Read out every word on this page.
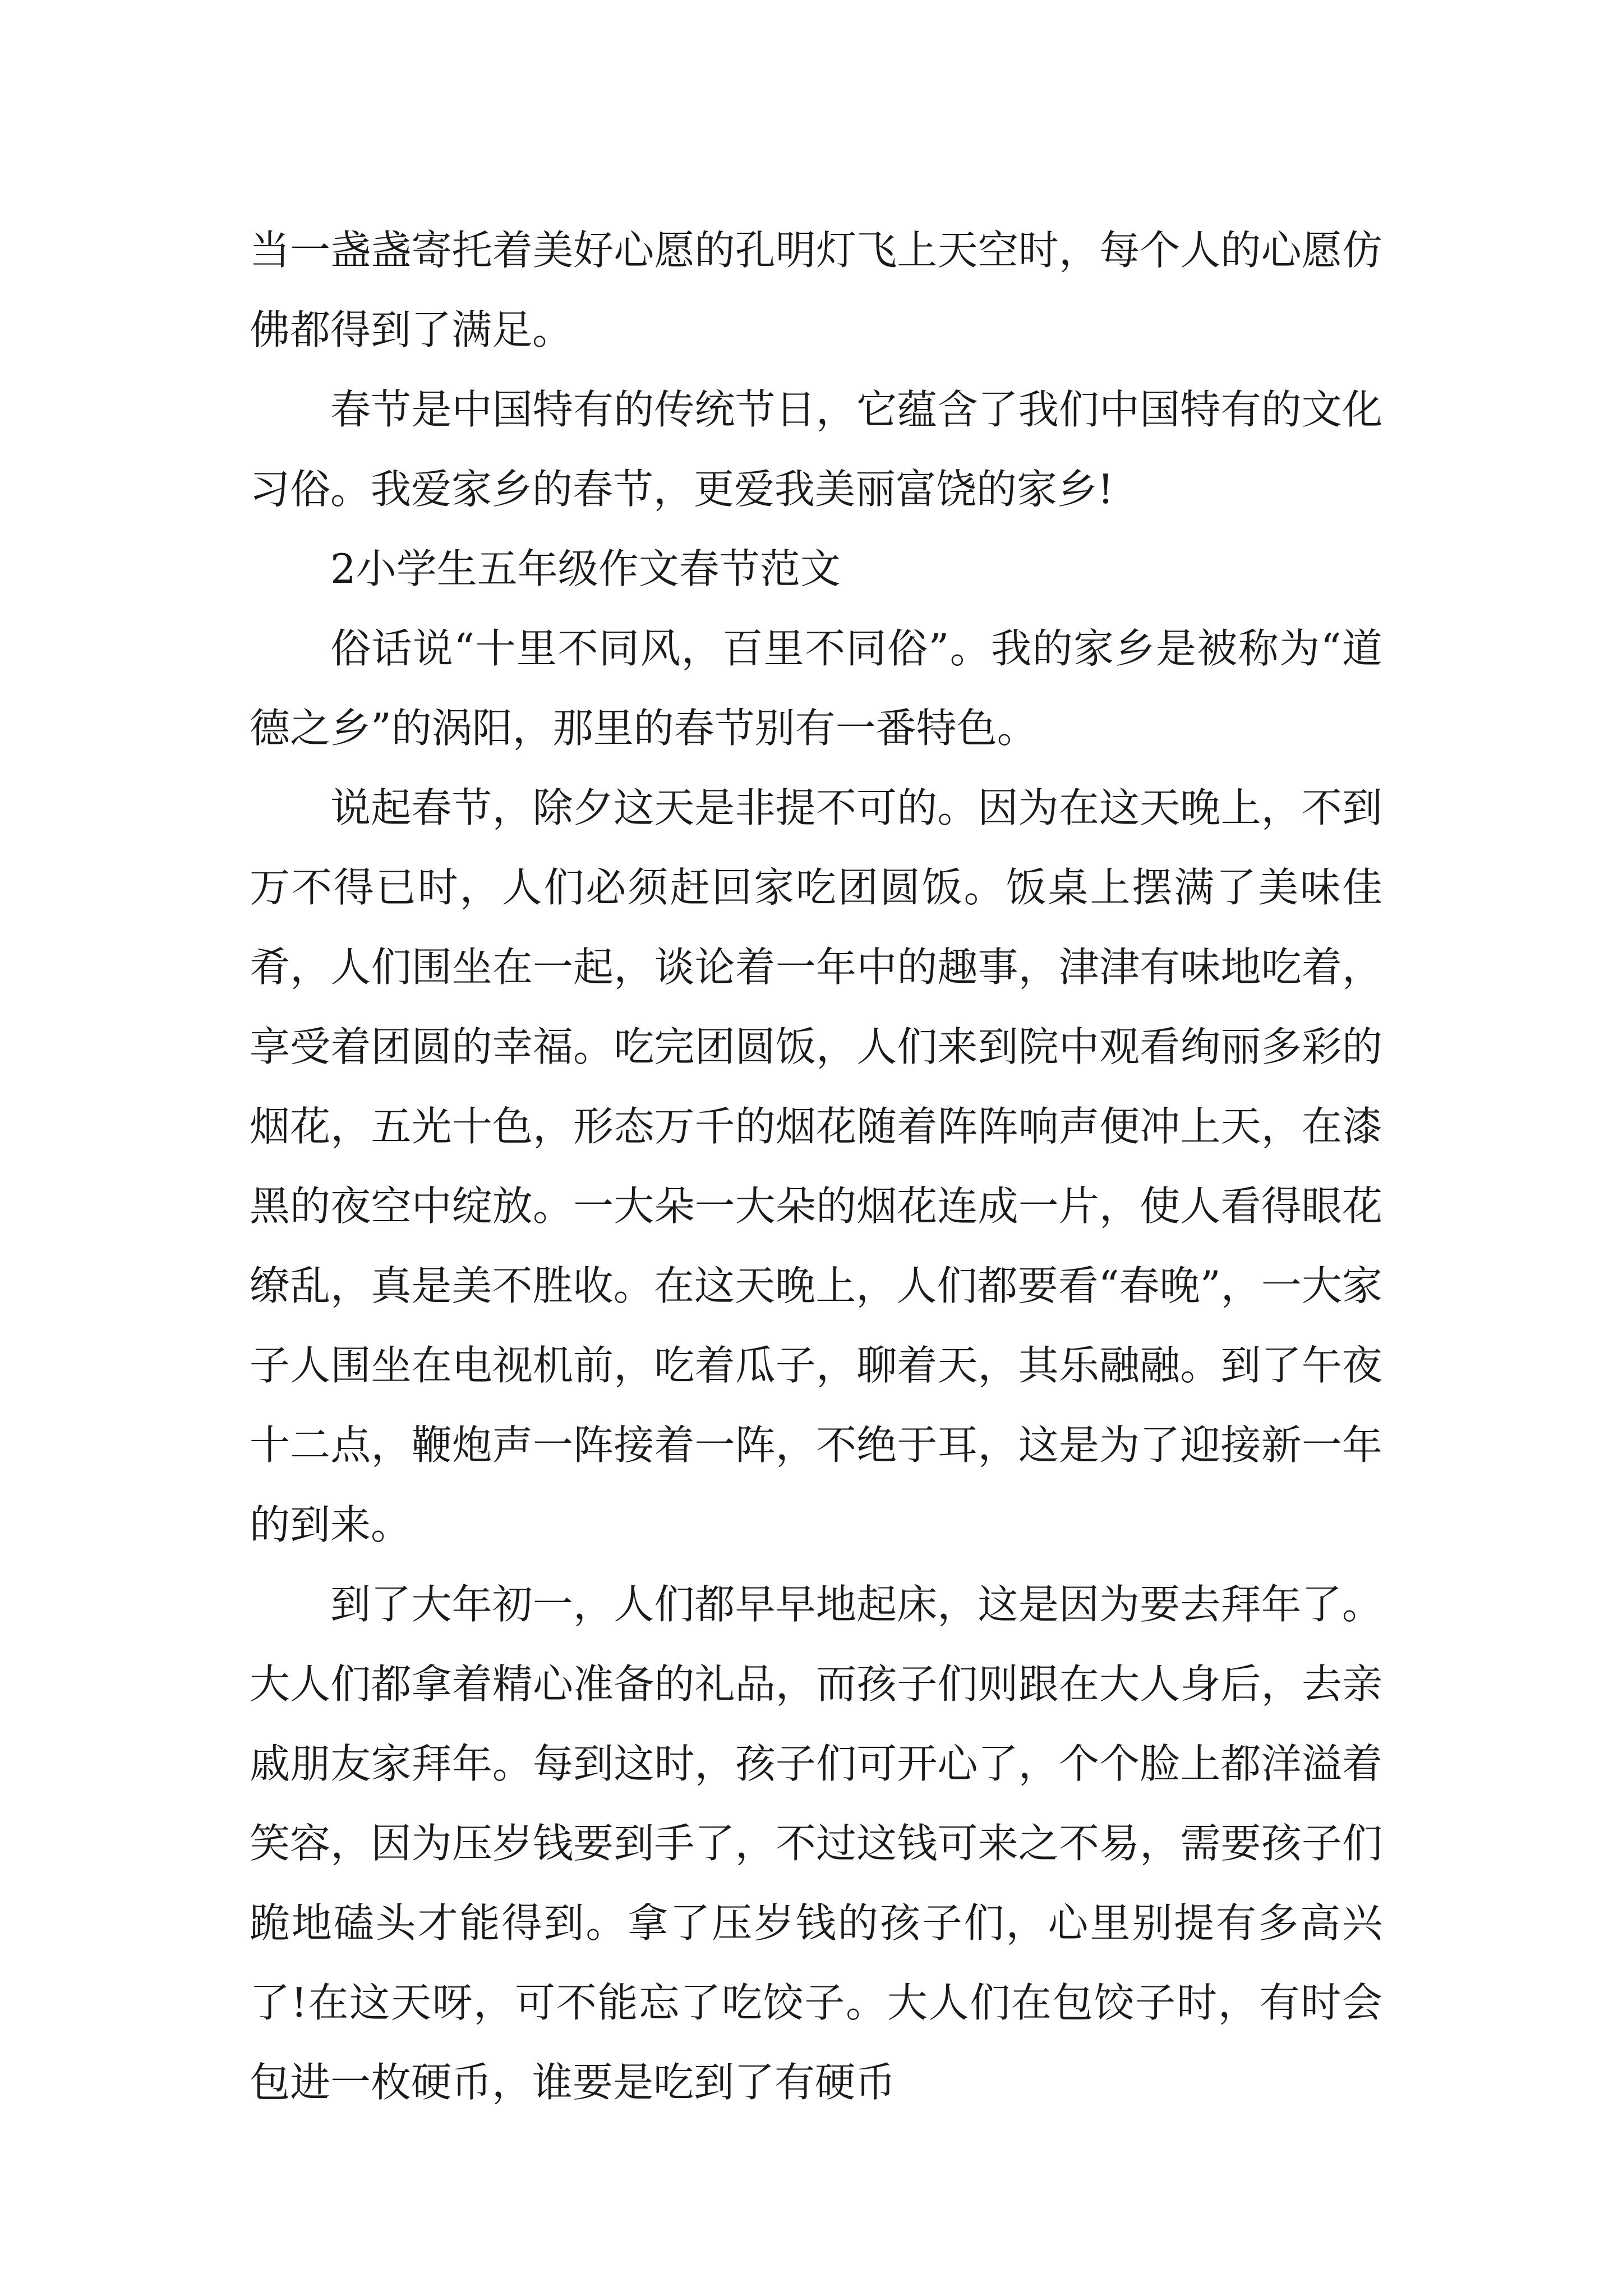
当一盏盏寄托着美好心愿的孔明灯飞上天空时，每个人的心愿仿佛都得到了满足。

春节是中国特有的传统节日，它蕴含了我们中国特有的文化习俗。我爱家乡的春节，更爱我美丽富饶的家乡!

2小学生五年级作文春节范文

俗话说“十里不同风，百里不同俗”。我的家乡是被称为“道德之乡”的涡阳，那里的春节别有一番特色。

说起春节，除夕这天是非提不可的。因为在这天晚上，不到万不得已时，人们必须赶回家吃团圆饭。饭桌上摆满了美味佳肴，人们围坐在一起，谈论着一年中的趣事，津津有味地吃着，享受着团圆的幸福。吃完团圆饭，人们来到院中观看绚丽多彩的烟花，五光十色，形态万千的烟花随着阵阵响声便冲上天，在漆黑的夜空中绽放。一大朵一大朵的烟花连成一片，使人看得眼花缭乱，真是美不胜收。在这天晚上，人们都要看“春晚”，一大家子人围坐在电视机前，吃着瓜子，聊着天，其乐融融。到了午夜十二点，鞭炮声一阵接着一阵，不绝于耳，这是为了迎接新一年的到来。

到了大年初一，人们都早早地起床，这是因为要去拜年了。大人们都拿着精心准备的礼品，而孩子们则跟在大人身后，去亲戚朋友家拜年。每到这时，孩子们可开心了，个个脸上都洋溢着笑容，因为压岁钱要到手了，不过这钱可来之不易，需要孩子们跪地磕头才能得到。拿了压岁钱的孩子们，心里别提有多高兴了!在这天呀，可不能忘了吃饺子。大人们在包饺子时，有时会包进一枚硬币，谁要是吃到了有硬币
